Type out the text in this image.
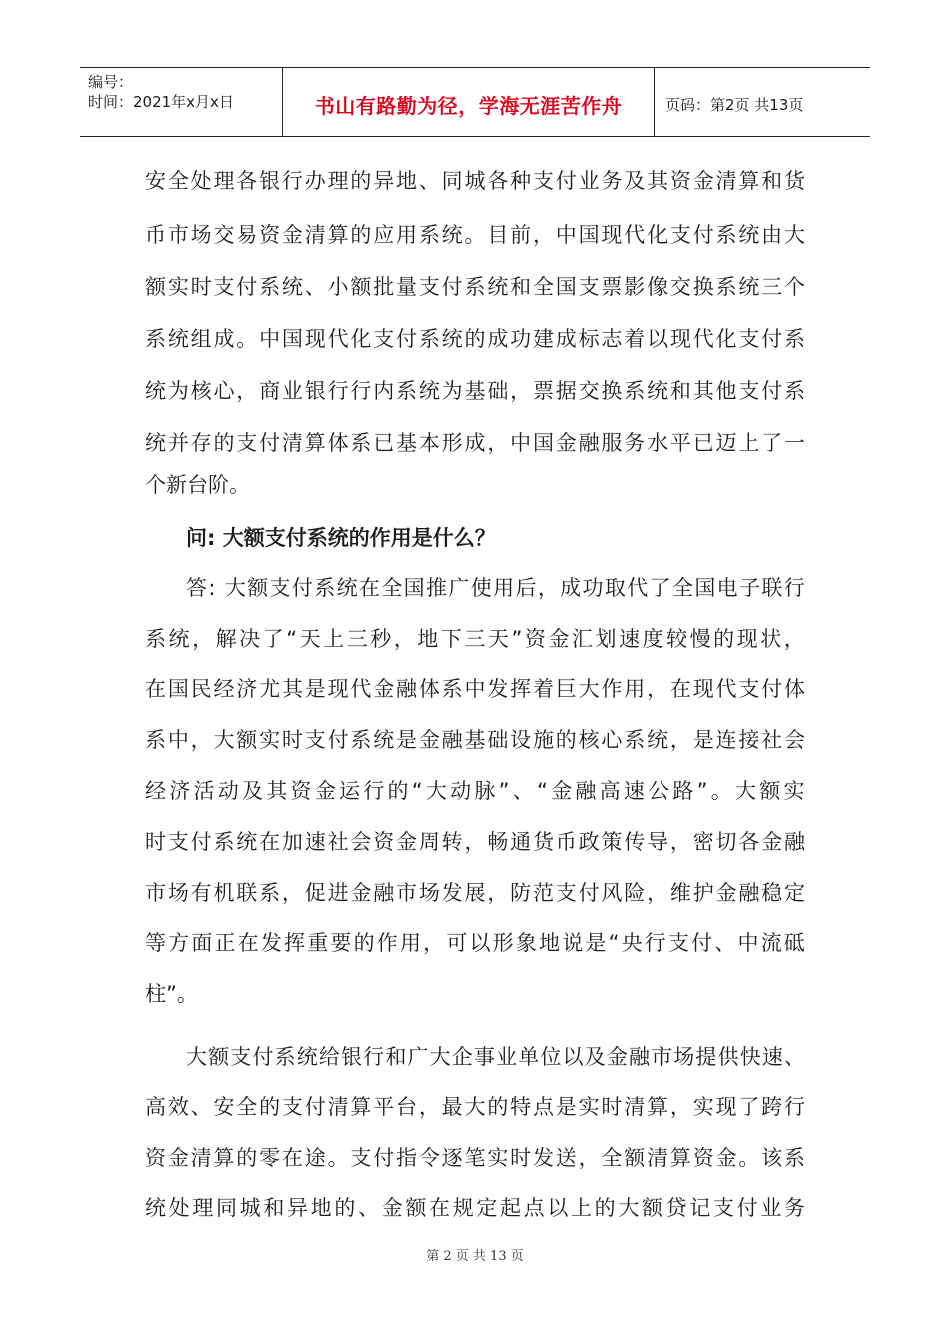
编号：
时间：2021年x月x日	书山有路勤为径，学海无涯苦作舟	页码：第2页 共13页
安全处理各银行办理的异地、同城各种支付业务及其资金清算和货
币市场交易资金清算的应用系统。目前，中国现代化支付系统由大
额实时支付系统、小额批量支付系统和全国支票影像交换系统三个
系统组成。中国现代化支付系统的成功建成标志着以现代化支付系
统为核心，商业银行行内系统为基础，票据交换系统和其他支付系
统并存的支付清算体系已基本形成，中国金融服务水平已迈上了一
个新台阶。
问: 大额支付系统的作用是什么？
答: 大额支付系统在全国推广使用后，成功取代了全国电子联行
系统，解决了“天上三秒，地下三天”资金汇划速度较慢的现状，
在国民经济尤其是现代金融体系中发挥着巨大作用，在现代支付体
系中，大额实时支付系统是金融基础设施的核心系统，是连接社会
经济活动及其资金运行的“大动脉”、“金融高速公路”。大额实
时支付系统在加速社会资金周转，畅通货币政策传导，密切各金融
市场有机联系，促进金融市场发展，防范支付风险，维护金融稳定
等方面正在发挥重要的作用，可以形象地说是“央行支付、中流砥
柱”。
大额支付系统给银行和广大企事业单位以及金融市场提供快速、
高效、安全的支付清算平台，最大的特点是实时清算，实现了跨行
资金清算的零在途。支付指令逐笔实时发送，全额清算资金。该系
统处理同城和异地的、金额在规定起点以上的大额贷记支付业务
第 2 页 共 13 页
